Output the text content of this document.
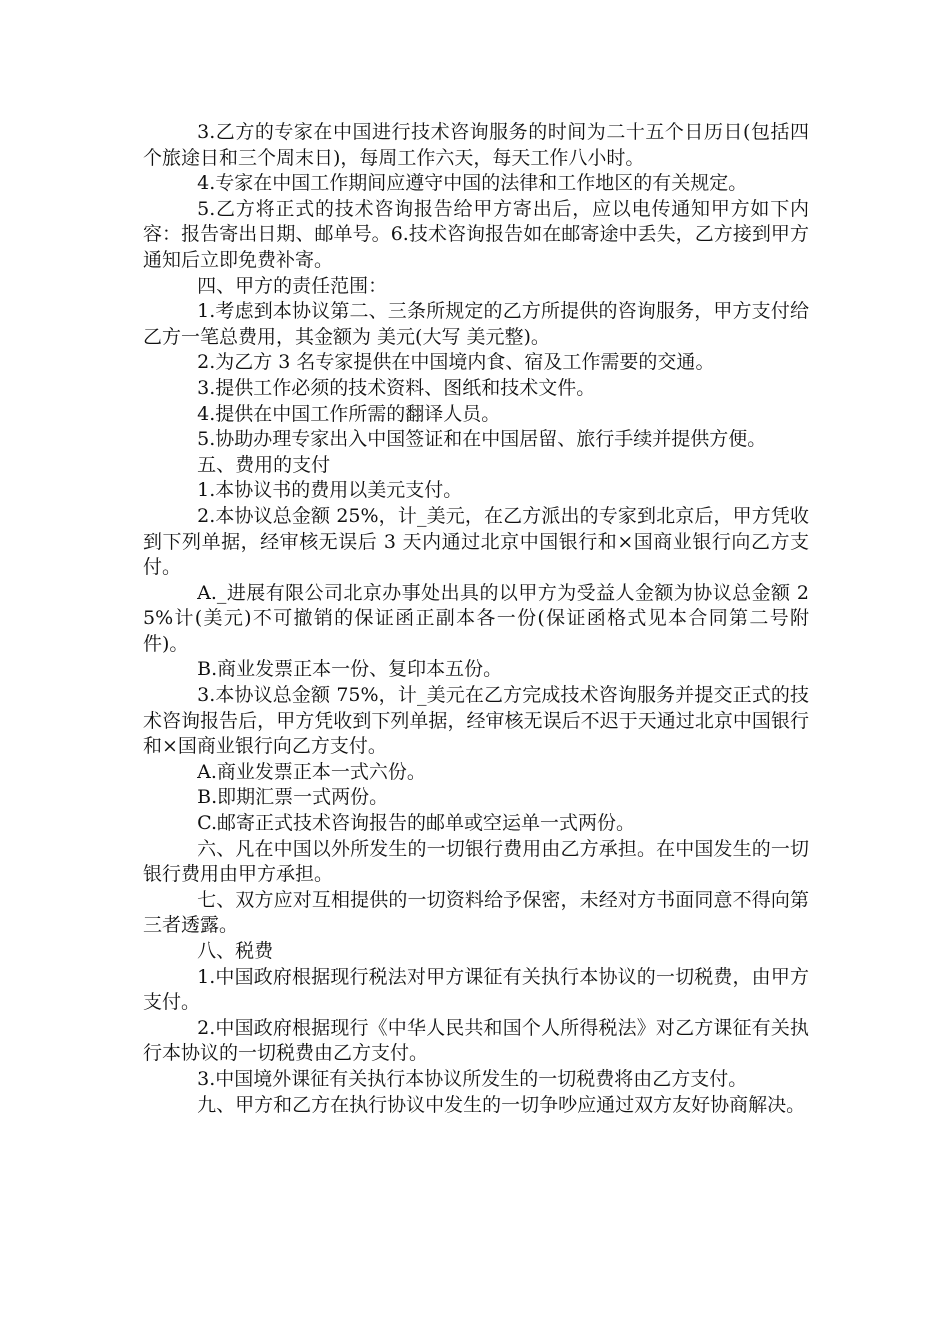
3.乙方的专家在中国进行技术咨询服务的时间为二十五个日历日(包括四个旅途日和三个周末日)，每周工作六天，每天工作八小时。

4.专家在中国工作期间应遵守中国的法律和工作地区的有关规定。

5.乙方将正式的技术咨询报告给甲方寄出后，应以电传通知甲方如下内容：报告寄出日期、邮单号。6.技术咨询报告如在邮寄途中丢失，乙方接到甲方通知后立即免费补寄。

四、甲方的责任范围：

1.考虑到本协议第二、三条所规定的乙方所提供的咨询服务，甲方支付给乙方一笔总费用，其金额为 美元(大写 美元整)。

2.为乙方 3 名专家提供在中国境内食、宿及工作需要的交通。

3.提供工作必须的技术资料、图纸和技术文件。

4.提供在中国工作所需的翻译人员。

5.协助办理专家出入中国签证和在中国居留、旅行手续并提供方便。

五、费用的支付

1.本协议书的费用以美元支付。

2.本协议总金额 25%，计_美元，在乙方派出的专家到北京后，甲方凭收到下列单据，经审核无误后 3 天内通过北京中国银行和×国商业银行向乙方支付。

A._进展有限公司北京办事处出具的以甲方为受益人金额为协议总金额 25%计(美元)不可撤销的保证函正副本各一份(保证函格式见本合同第二号附件)。

B.商业发票正本一份、复印本五份。

3.本协议总金额 75%，计_美元在乙方完成技术咨询服务并提交正式的技术咨询报告后，甲方凭收到下列单据，经审核无误后不迟于天通过北京中国银行和×国商业银行向乙方支付。

A.商业发票正本一式六份。

B.即期汇票一式两份。

C.邮寄正式技术咨询报告的邮单或空运单一式两份。

六、凡在中国以外所发生的一切银行费用由乙方承担。在中国发生的一切银行费用由甲方承担。

七、双方应对互相提供的一切资料给予保密，未经对方书面同意不得向第三者透露。

八、税费

1.中国政府根据现行税法对甲方课征有关执行本协议的一切税费，由甲方支付。

2.中国政府根据现行《中华人民共和国个人所得税法》对乙方课征有关执行本协议的一切税费由乙方支付。

3.中国境外课征有关执行本协议所发生的一切税费将由乙方支付。

九、甲方和乙方在执行协议中发生的一切争吵应通过双方友好协商解决。
